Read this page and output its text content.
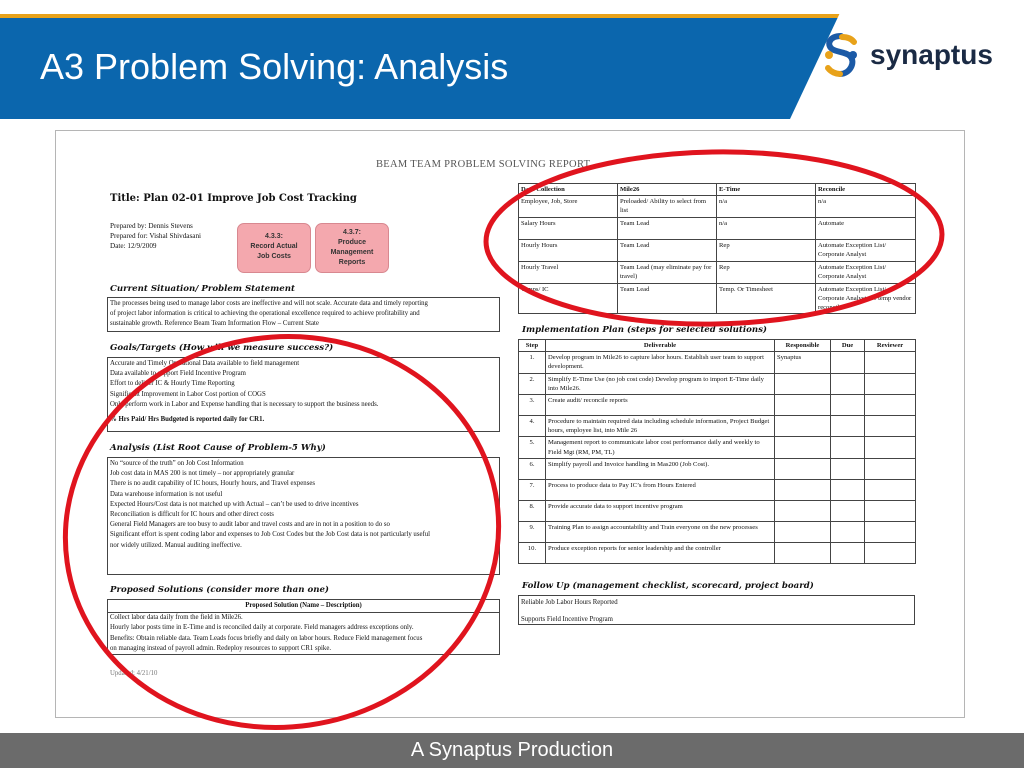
A3 Problem Solving: Analysis	synaptus
BEAM TEAM PROBLEM SOLVING REPORT
Title: Plan 02-01 Improve Job Cost Tracking
Prepared by: Dennis Stevens
Prepared for: Vishal Shivdasani
Date: 12/9/2009
4.3.3:
Record Actual
Job Costs
4.3.7:
Produce
Management
Reports
Current Situation/ Problem Statement
The processes being used to manage labor costs are ineffective and will not scale. Accurate data and timely reporting
of project labor information is critical to achieving the operational excellence required to achieve profitability and
sustainable growth. Reference Beam Team Information Flow – Current State
Goals/Targets (How will we measure success?)
Accurate and Timely Operational Data available to field management
Data available to support Field Incentive Program
Effort to deliver IC & Hourly Time Reporting
Significant Improvement in Labor Cost portion of COGS
Only perform work in Labor and Expense handling that is necessary to support the business needs.
% Hrs Paid/ Hrs Budgeted is reported daily for CR1.
Analysis (List Root Cause of Problem-5 Why)
No “source of the truth” on Job Cost Information
Job cost data in MAS 200 is not timely – nor appropriately granular
There is no audit capability of IC hours, Hourly hours, and Travel expenses
Data warehouse information is not useful
Expected Hours/Cost data is not matched up with Actual – can’t be used to drive incentives
Reconciliation is difficult for IC hours and other direct costs
General Field Managers are too busy to audit labor and travel costs and are in not in a position to do so
Significant effort is spent coding labor and expenses to Job Cost Codes but the Job Cost data is not particularly useful
nor widely utilized. Manual auditing ineffective.
Proposed Solutions (consider more than one)
Proposed Solution (Name – Description)
Collect labor data daily from the field in Mile26.
Hourly labor posts time in E-Time and is reconciled daily at corporate. Field managers address exceptions only.
Benefits: Obtain reliable data. Team Leads focus briefly and daily on labor hours. Reduce Field management focus
on managing instead of payroll admin. Redeploy resources to support CR1 spike.
Updated: 4/21/10
Data Collection	Mile26	E-Time	Reconcile
Employee, Job, Store	Preloaded/ Ability to select from list	n/a	n/a
Salary Hours	Team Lead	n/a	Automate
Hourly Hours	Team Lead	Rep	Automate Exception List/ Corporate Analyst
Hourly Travel	Team Lead (may eliminate pay for travel)	Rep	Automate Exception List/ Corporate Analyst
Temps/ IC	Team Lead	Temp. Or Timesheet	Automate Exception List/ Corporate Analyst. Or temp vendor reconcile
Implementation Plan (steps for selected solutions)
Step	Deliverable	Responsible	Due	Reviewer
1.	Develop program in Mile26 to capture labor hours. Establish user team to support development.	Synaptus		
2.	Simplify E-Time Use (no job cost code) Develop program to import E-Time daily into Mile26.			
3.	Create audit/ reconcile reports			
4.	Procedure to maintain required data including schedule information, Project Budget hours, employee list, into Mile 26			
5.	Management report to communicate labor cost performance daily and weekly to Field Mgt (RM, PM, TL)			
6.	Simplify payroll and Invoice handling in Mas200 (Job Cost).			
7.	Process to produce data to Pay IC’s from Hours Entered			
8.	Provide accurate data to support incentive program			
9.	Training Plan to assign accountability and Train everyone on the new processes			
10.	Produce exception reports for senior leadership and the controller			
Follow Up (management checklist, scorecard, project board)
Reliable Job Labor Hours Reported
Supports Field Incentive Program
A Synaptus Production
